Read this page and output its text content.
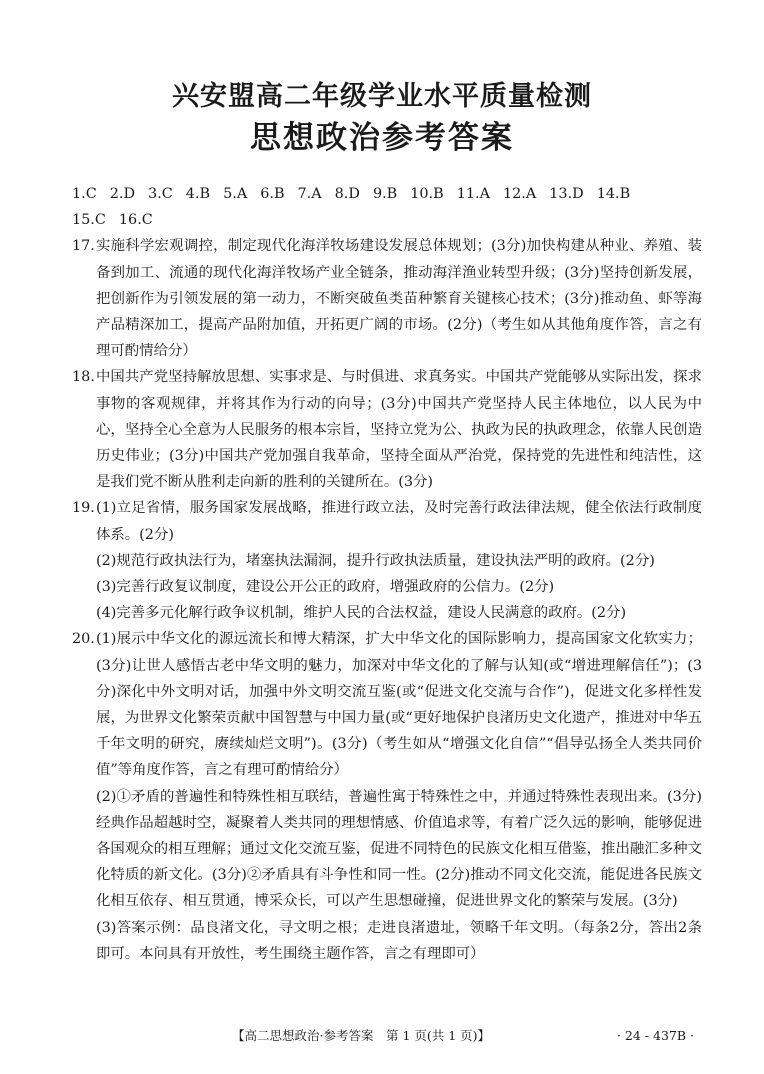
兴安盟高二年级学业水平质量检测
思想政治参考答案
1.C 2.D 3.C 4.B 5.A 6.B 7.A 8.D 9.B 10.B 11.A 12.A 13.D 14.B
15.C 16.C
17. 实施科学宏观调控，制定现代化海洋牧场建设发展总体规划；(3分)加快构建从种业、养殖、装备到加工、流通的现代化海洋牧场产业全链条，推动海洋渔业转型升级；(3分)坚持创新发展，把创新作为引领发展的第一动力，不断突破鱼类苗种繁育关键核心技术；(3分)推动鱼、虾等海产品精深加工，提高产品附加值，开拓更广阔的市场。(2分)（考生如从其他角度作答，言之有理可酌情给分）
18. 中国共产党坚持解放思想、实事求是、与时俱进、求真务实。中国共产党能够从实际出发，探求事物的客观规律，并将其作为行动的向导；(3分)中国共产党坚持人民主体地位，以人民为中心，坚持全心全意为人民服务的根本宗旨，坚持立党为公、执政为民的执政理念，依靠人民创造历史伟业；(3分)中国共产党加强自我革命，坚持全面从严治党，保持党的先进性和纯洁性，这是我们党不断从胜利走向新的胜利的关键所在。(3分)
19. (1)立足省情，服务国家发展战略，推进行政立法，及时完善行政法律法规，健全依法行政制度体系。(2分)
(2)规范行政执法行为，堵塞执法漏洞，提升行政执法质量，建设执法严明的政府。(2分)
(3)完善行政复议制度，建设公开公正的政府，增强政府的公信力。(2分)
(4)完善多元化解行政争议机制，维护人民的合法权益，建设人民满意的政府。(2分)
20. (1)展示中华文化的源远流长和博大精深，扩大中华文化的国际影响力，提高国家文化软实力；(3分)让世人感悟古老中华文明的魅力，加深对中华文化的了解与认知(或“增进理解信任”)；(3分)深化中外文明对话，加强中外文明交流互鉴(或“促进文化交流与合作”)，促进文化多样性发展，为世界文化繁荣贡献中国智慧与中国力量(或“更好地保护良渚历史文化遗产，推进对中华五千年文明的研究，赓续灿烂文明”)。(3分)（考生如从“增强文化自信”“倡导弘扬全人类共同价值”等角度作答，言之有理可酌情给分）
(2)①矛盾的普遍性和特殊性相互联结，普遍性寓于特殊性之中，并通过特殊性表现出来。(3分)经典作品超越时空，凝聚着人类共同的理想情感、价值追求等，有着广泛久远的影响，能够促进各国观众的相互理解；通过文化交流互鉴，促进不同特色的民族文化相互借鉴，推出融汇多种文化特质的新文化。(3分)②矛盾具有斗争性和同一性。(2分)推动不同文化交流，能促进各民族文化相互依存、相互贯通，博采众长，可以产生思想碰撞，促进世界文化的繁荣与发展。(3分)
(3)答案示例：品良渚文化，寻文明之根；走进良渚遗址，领略千年文明。（每条2分，答出2条即可。本问具有开放性，考生围绕主题作答，言之有理即可）
【高二思想政治·参考答案　第 1 页(共 1 页)】	· 24 - 437B ·
